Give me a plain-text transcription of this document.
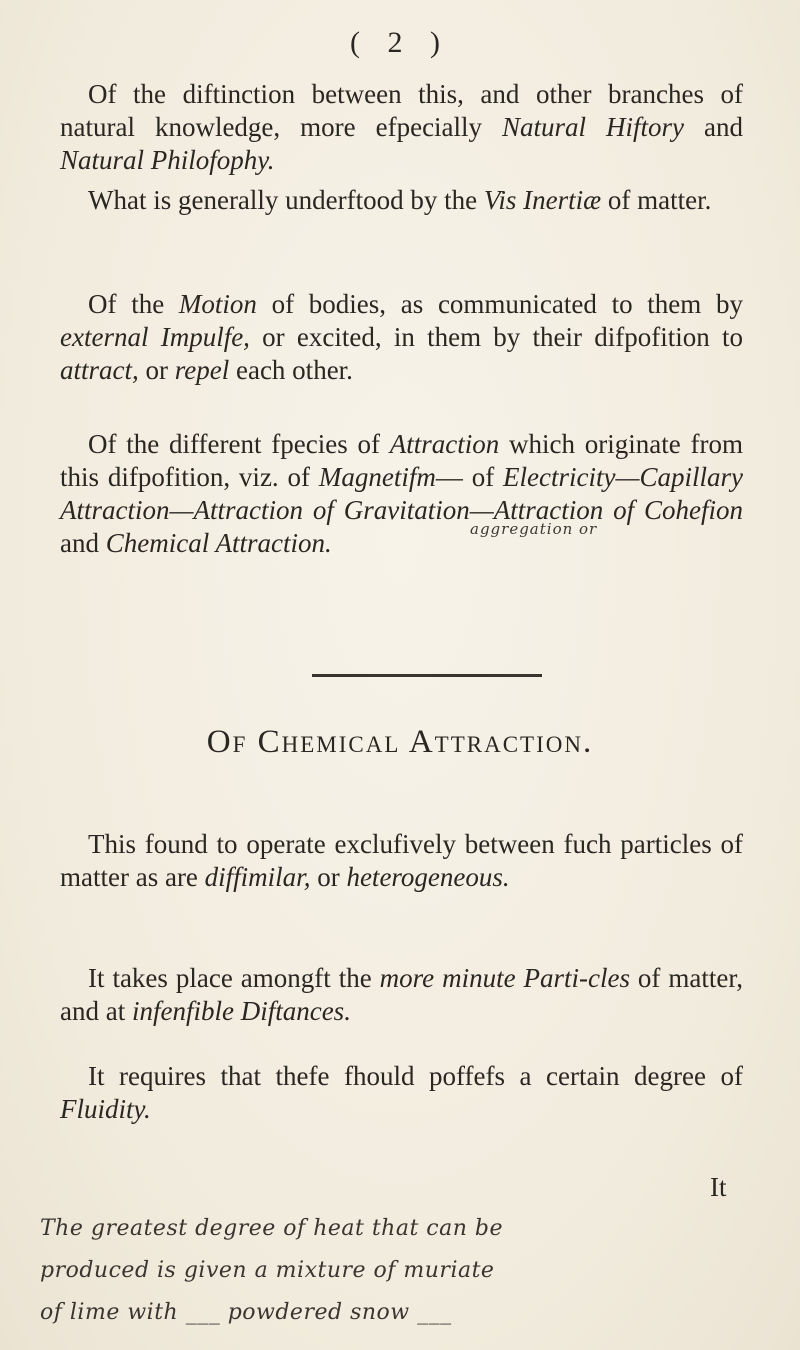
( 2 )
Of the diftinction between this, and other branches of natural knowledge, more efpecially Natural Hiftory and Natural Philofophy.
What is generally underftood by the Vis Inertiæ of matter.
Of the Motion of bodies, as communicated to them by external Impulfe, or excited, in them by their difpofition to attract, or repel each other.
Of the different fpecies of Attraction which originate from this difpofition, viz. of Magnetifm— of Electricity—Capillary Attraction—Attraction of Gravitation—Attraction of Cohefion and Chemical Attraction.	aggregation or
Of Chemical Attraction.
This found to operate exclufively between fuch particles of matter as are diffimilar, or heterogeneous.
It takes place amongft the more minute Parti-cles of matter, and at infenfible Diftances.
It requires that thefe fhould poffefs a certain degree of Fluidity.
It
The greatest degree of heat that can be
produced is given a mixture of muriate
of lime with ___ powdered snow ___
